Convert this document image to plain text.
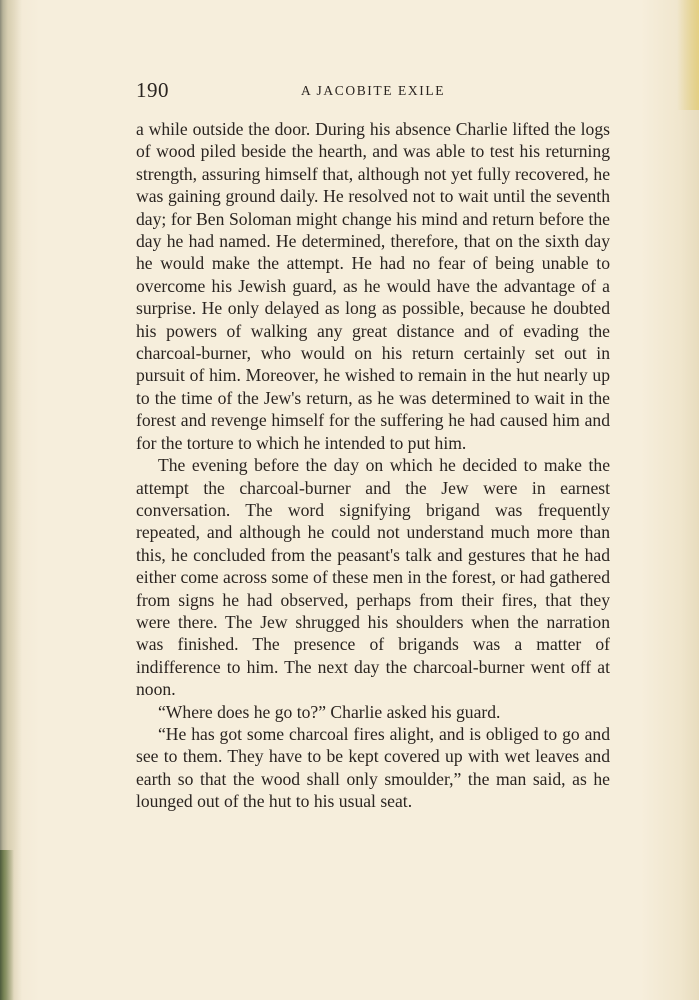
190	A JACOBITE EXILE

a while outside the door. During his absence Charlie lifted the logs of wood piled beside the hearth, and was able to test his returning strength, assuring himself that, although not yet fully recovered, he was gaining ground daily. He resolved not to wait until the seventh day; for Ben Soloman might change his mind and return before the day he had named. He determined, therefore, that on the sixth day he would make the attempt. He had no fear of being unable to overcome his Jewish guard, as he would have the advantage of a surprise. He only delayed as long as possible, because he doubted his powers of walking any great distance and of evading the charcoal-burner, who would on his return certainly set out in pursuit of him. Moreover, he wished to remain in the hut nearly up to the time of the Jew's return, as he was determined to wait in the forest and revenge himself for the suffering he had caused him and for the torture to which he intended to put him.

The evening before the day on which he decided to make the attempt the charcoal-burner and the Jew were in earnest conversation. The word signifying brigand was frequently repeated, and although he could not understand much more than this, he concluded from the peasant's talk and gestures that he had either come across some of these men in the forest, or had gathered from signs he had observed, perhaps from their fires, that they were there. The Jew shrugged his shoulders when the narration was finished. The presence of brigands was a matter of indifference to him. The next day the charcoal-burner went off at noon.

“Where does he go to?” Charlie asked his guard.

“He has got some charcoal fires alight, and is obliged to go and see to them. They have to be kept covered up with wet leaves and earth so that the wood shall only smoulder,” the man said, as he lounged out of the hut to his usual seat.
